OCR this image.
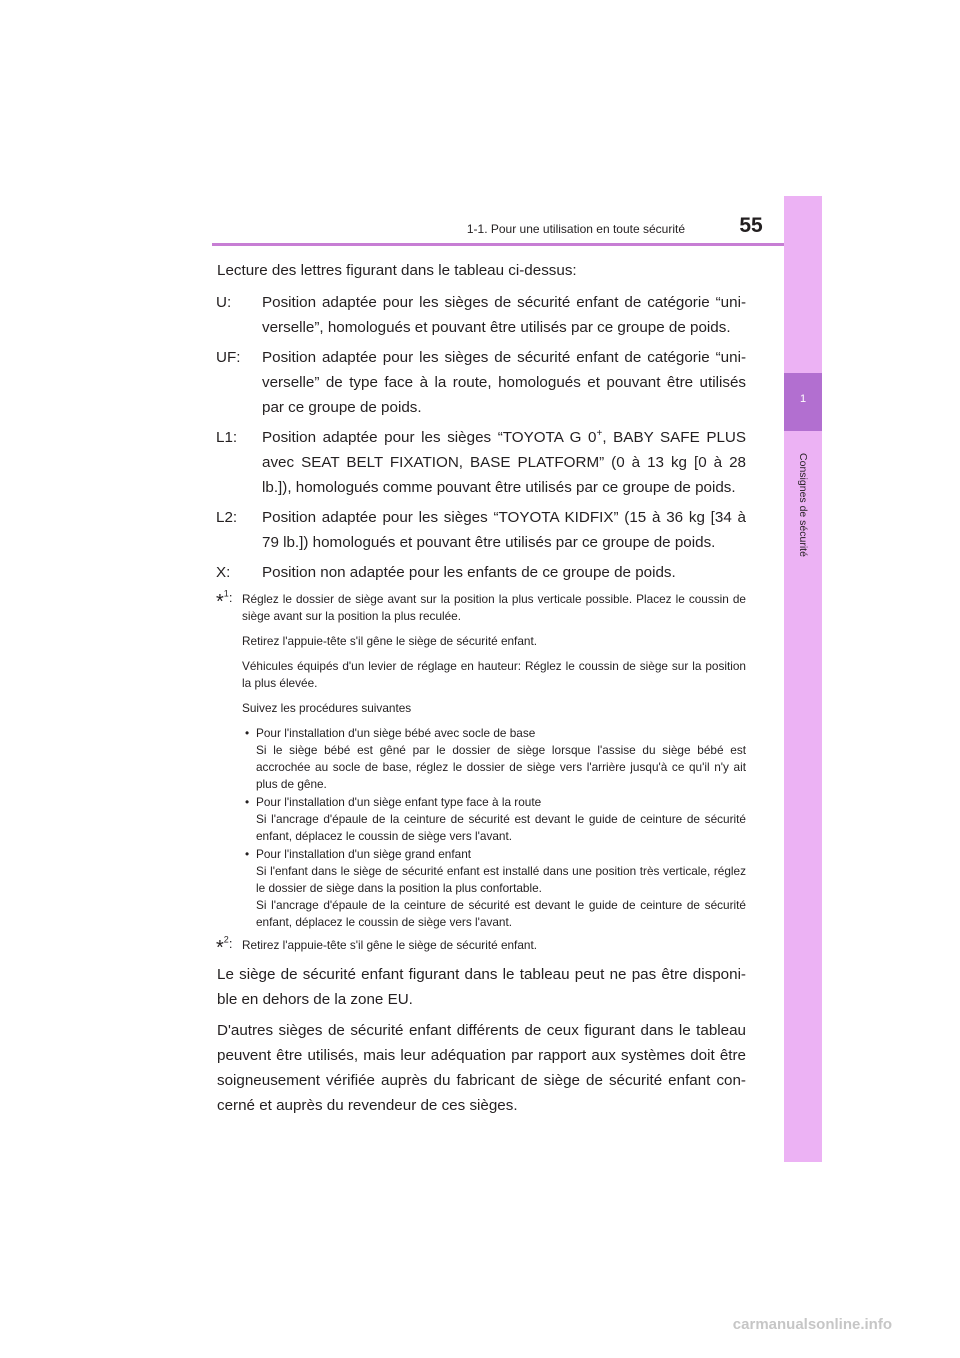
1-1. Pour une utilisation en toute sécurité	55
1
Consignes de sécurité

Lecture des lettres figurant dans le tableau ci-dessus:

U: Position adaptée pour les sièges de sécurité enfant de catégorie “uni-verselle”, homologués et pouvant être utilisés par ce groupe de poids.
UF: Position adaptée pour les sièges de sécurité enfant de catégorie “uni-verselle” de type face à la route, homologués et pouvant être utilisés par ce groupe de poids.
L1: Position adaptée pour les sièges “TOYOTA G 0+, BABY SAFE PLUS avec SEAT BELT FIXATION, BASE PLATFORM” (0 à 13 kg [0 à 28 lb.]), homologués comme pouvant être utilisés par ce groupe de poids.
L2: Position adaptée pour les sièges “TOYOTA KIDFIX” (15 à 36 kg [34 à 79 lb.]) homologués et pouvant être utilisés par ce groupe de poids.
X: Position non adaptée pour les enfants de ce groupe de poids.
*$^1$: Réglez le dossier de siège avant sur la position la plus verticale possible. Placez le coussin de siège avant sur la position la plus reculée.

Retirez l'appuie-tête s'il gêne le siège de sécurité enfant.

Véhicules équipés d'un levier de réglage en hauteur: Réglez le coussin de siège sur la position la plus élevée.

Suivez les procédures suivantes

• Pour l'installation d'un siège bébé avec socle de base
Si le siège bébé est gêné par le dossier de siège lorsque l'assise du siège bébé est accrochée au socle de base, réglez le dossier de siège vers l'arrière jusqu'à ce qu'il n'y ait plus de gêne.
• Pour l'installation d'un siège enfant type face à la route
Si l'ancrage d'épaule de la ceinture de sécurité est devant le guide de ceinture de sécurité enfant, déplacez le coussin de siège vers l'avant.
• Pour l'installation d'un siège grand enfant
Si l'enfant dans le siège de sécurité enfant est installé dans une position très verticale, réglez le dossier de siège dans la position la plus confortable.
Si l'ancrage d'épaule de la ceinture de sécurité est devant le guide de ceinture de sécurité enfant, déplacez le coussin de siège vers l'avant.
*$^2$: Retirez l'appuie-tête s'il gêne le siège de sécurité enfant.

Le siège de sécurité enfant figurant dans le tableau peut ne pas être disponi-ble en dehors de la zone EU.

D'autres sièges de sécurité enfant différents de ceux figurant dans le tableau peuvent être utilisés, mais leur adéquation par rapport aux systèmes doit être soigneusement vérifiée auprès du fabricant de siège de sécurité enfant con-cerné et auprès du revendeur de ces sièges.

carmanualsonline.info
